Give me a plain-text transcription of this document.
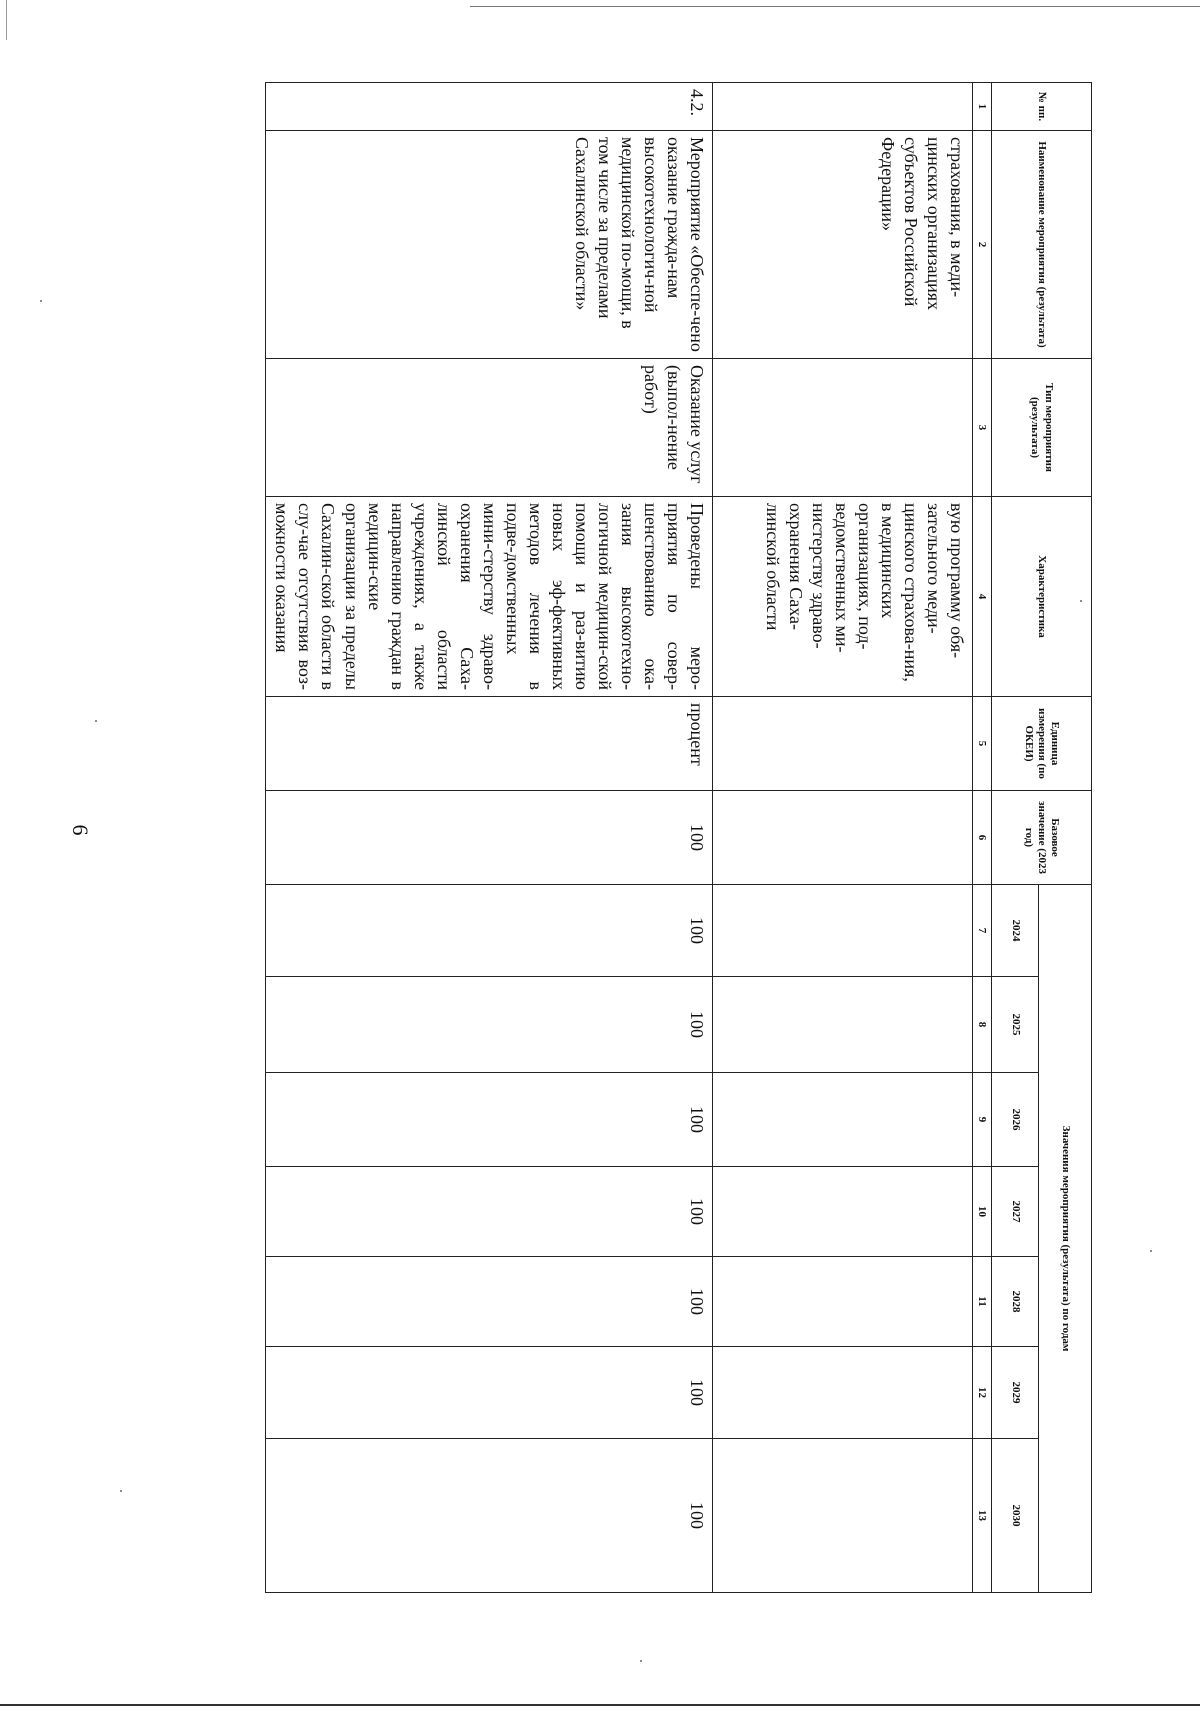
6
№ пп.	Наименование мероприятия (результата)	Тип мероприятия (результата)	Характеристика	Единица измерения (по ОКЕИ)	Базовое значение (2023 год)	Значения мероприятия (результата) по годам						
						2024	2025	2026	2027	2028	2029	2030
1	2	3	4	5	6	7	8	9	10	11	12	13
	страхования, в меди-цинских организациях субъектов Российской Федерации»		вую программу обя-зательного меди-цинского страхова-ния, в медицинских организациях, под-ведомственных ми-нистерству здраво-охранения Саха-линской области									
4.2.	Мероприятие «Обеспе-чено оказание гражда-нам высокотехнологич-ной медицинской по-мощи, в том числе за пределами Сахалинской области»	Оказание услуг (выпол-нение работ)	Проведены меро-приятия по совер-шенствованию ока-зания высокотехно-логичной медицин-ской помощи и раз-витию новых эф-фективных методов лечения в подве-домственных мини-стерству здраво-охранения Саха-линской области учреждениях, а также направлению граждан в медицин-ские организации за пределы Сахалин-ской области в слу-чае отсутствия воз-можности оказания	процент	100	100	100	100	100	100	100	100
